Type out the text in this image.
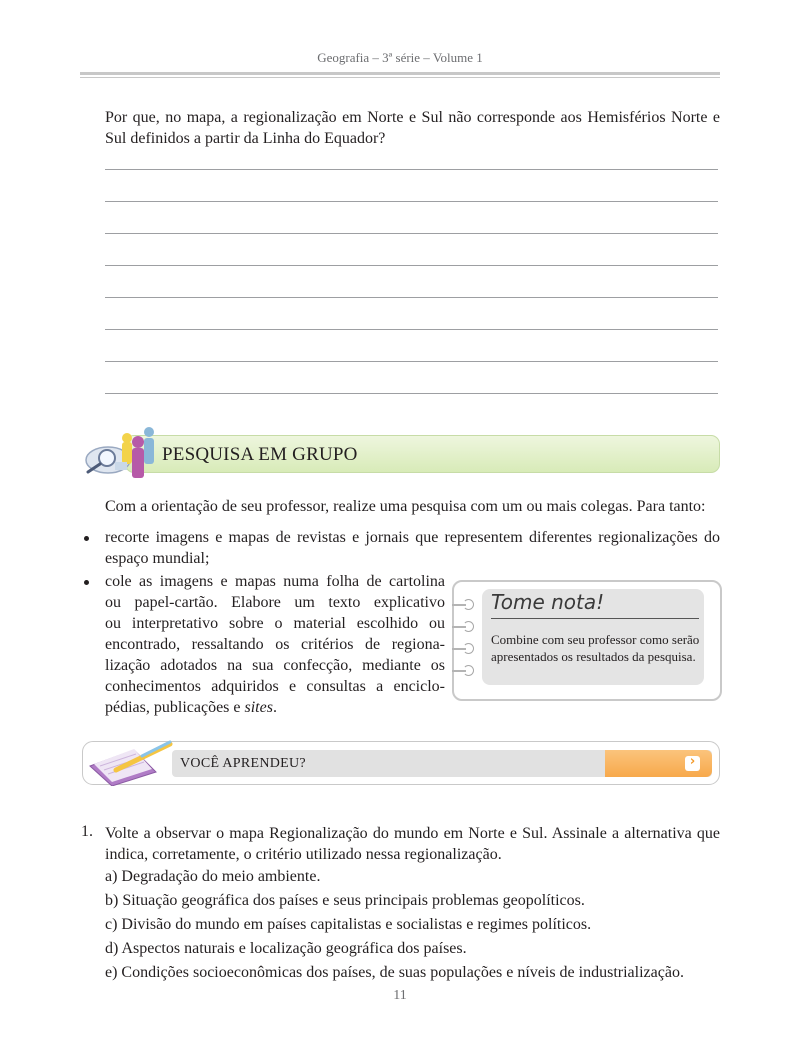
Geografia – 3ª série – Volume 1
Por que, no mapa, a regionalização em Norte e Sul não corresponde aos Hemisférios Norte e Sul definidos a partir da Linha do Equador?
PESQUISA EM GRUPO
Com a orientação de seu professor, realize uma pesquisa com um ou mais colegas. Para tanto:
recorte imagens e mapas de revistas e jornais que representem diferentes regionalizações do espaço mundial;
cole as imagens e mapas numa folha de cartolina
ou papel-cartão. Elabore um texto explicativo
ou interpretativo sobre o material escolhido ou
encontrado, ressaltando os critérios de regiona-
lização adotados na sua confecção, mediante os
conhecimentos adquiridos e consultas a enciclo-
pédias, publicações e sites.
Tome nota!
Combine com seu professor como serão apresentados os resultados da pesquisa.
›
VOCÊ APRENDEU?
1. Volte a observar o mapa Regionalização do mundo em Norte e Sul. Assinale a alternativa que indica, corretamente, o critério utilizado nessa regionalização.
a) Degradação do meio ambiente.
b) Situação geográfica dos países e seus principais problemas geopolíticos.
c) Divisão do mundo em países capitalistas e socialistas e regimes políticos.
d) Aspectos naturais e localização geográfica dos países.
e) Condições socioeconômicas dos países, de suas populações e níveis de industrialização.
11
